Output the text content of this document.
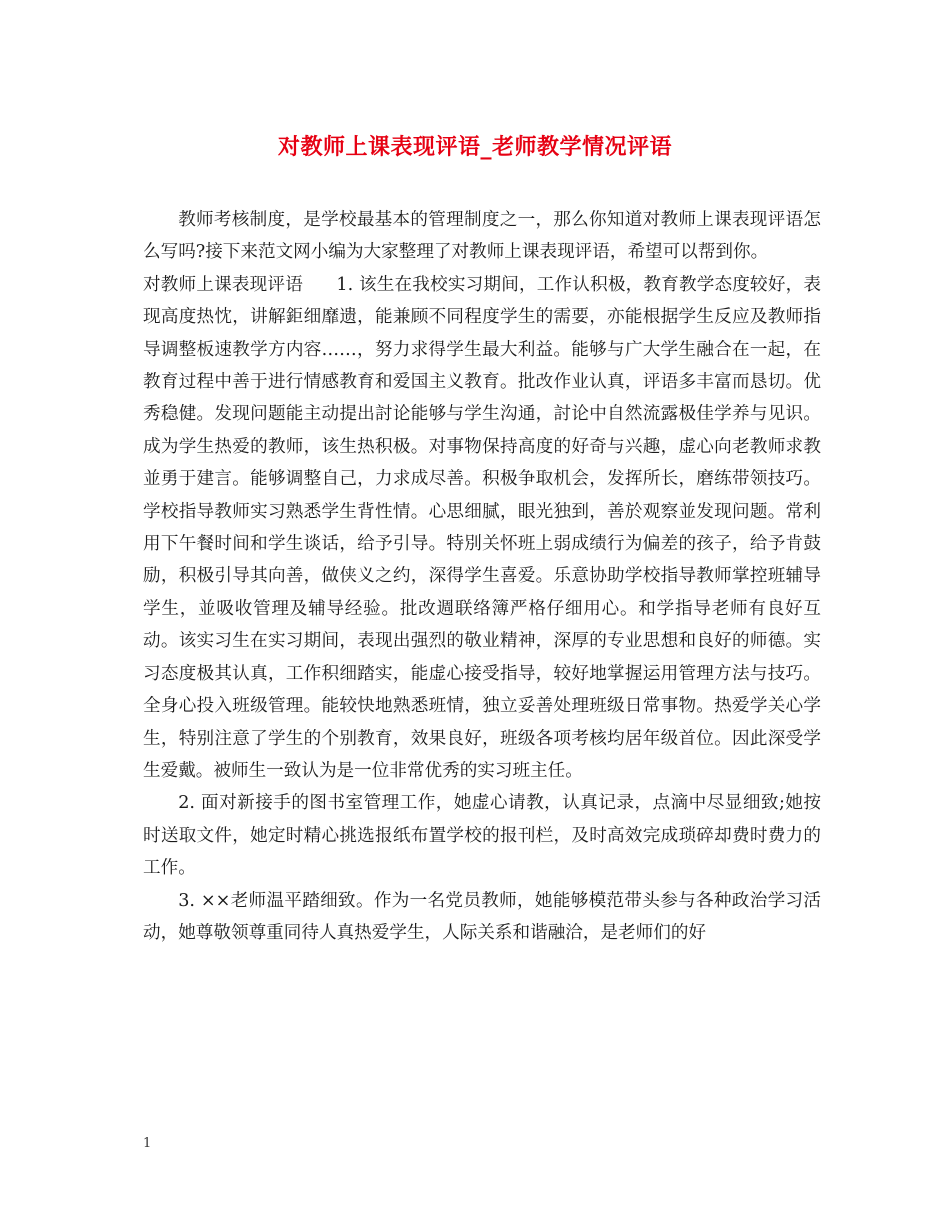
对教师上课表现评语_老师教学情况评语

教师考核制度，是学校最基本的管理制度之一，那么你知道对教师上课表现评语怎么写吗?接下来范文网小编为大家整理了对教师上课表现评语，希望可以帮到你。

对教师上课表现评语 1. 该生在我校实习期间，工作认积极，教育教学态度较好，表现高度热忱，讲解鉅细靡遗，能兼顾不同程度学生的需要，亦能根据学生反应及教师指导调整板速教学方内容……，努力求得学生最大利益。能够与广大学生融合在一起，在教育过程中善于进行情感教育和爱国主义教育。批改作业认真，评语多丰富而恳切。优秀稳健。发现问题能主动提出討论能够与学生沟通，討论中自然流露极佳学养与见识。 成为学生热爱的教师，该生热积极。对事物保持高度的好奇与兴趣，虚心向老教师求教並勇于建言。能够调整自己，力求成尽善。积极争取机会，发挥所长，磨练带领技巧。学校指导教师实习熟悉学生背性情。心思细腻，眼光独到，善於观察並发现问题。常利用下午餐时间和学生谈话，给予引导。特別关怀班上弱成绩行为偏差的孩子，给予肯鼓励，积极引导其向善，做侠义之约，深得学生喜爱。乐意协助学校指导教师掌控班辅导学生，並吸收管理及辅导经验。批改週联络簿严格仔细用心。和学指导老师有良好互动。该实习生在实习期间，表现出强烈的敬业精神，深厚的专业思想和良好的师德。实习态度极其认真，工作积细踏实，能虚心接受指导，较好地掌握运用管理方法与技巧。全身心投入班级管理。能较快地熟悉班情，独立妥善处理班级日常事物。热爱学关心学生，特别注意了学生的个别教育，效果良好，班级各项考核均居年级首位。因此深受学生爱戴。被师生一致认为是一位非常优秀的实习班主任。

2. 面对新接手的图书室管理工作，她虚心请教，认真记录，点滴中尽显细致;她按时送取文件，她定时精心挑选报纸布置学校的报刊栏，及时高效完成琐碎却费时费力的工作。

3. ××老师温平踏细致。作为一名党员教师，她能够模范带头参与各种政治学习活动，她尊敬领尊重同待人真热爱学生，人际关系和谐融洽，是老师们的好

1
